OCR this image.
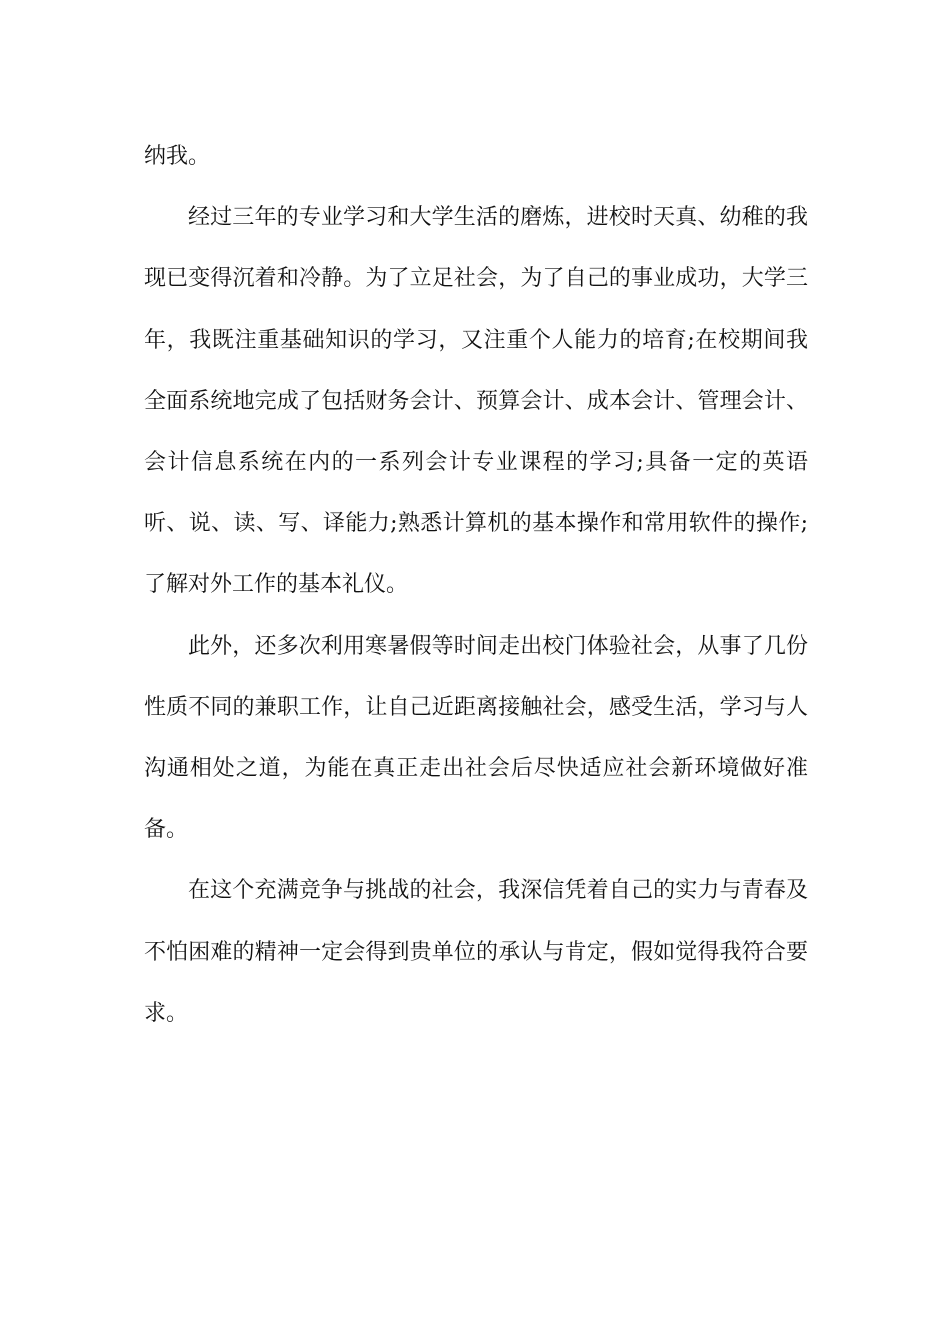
纳我。

经过三年的专业学习和大学生活的磨炼，进校时天真、幼稚的我现已变得沉着和冷静。为了立足社会，为了自己的事业成功，大学三年，我既注重基础知识的学习，又注重个人能力的培育;在校期间我全面系统地完成了包括财务会计、预算会计、成本会计、管理会计、会计信息系统在内的一系列会计专业课程的学习;具备一定的英语听、说、读、写、译能力;熟悉计算机的基本操作和常用软件的操作;了解对外工作的基本礼仪。

此外，还多次利用寒暑假等时间走出校门体验社会，从事了几份性质不同的兼职工作，让自己近距离接触社会，感受生活，学习与人沟通相处之道，为能在真正走出社会后尽快适应社会新环境做好准备。

在这个充满竞争与挑战的社会，我深信凭着自己的实力与青春及不怕困难的精神一定会得到贵单位的承认与肯定，假如觉得我符合要求。
